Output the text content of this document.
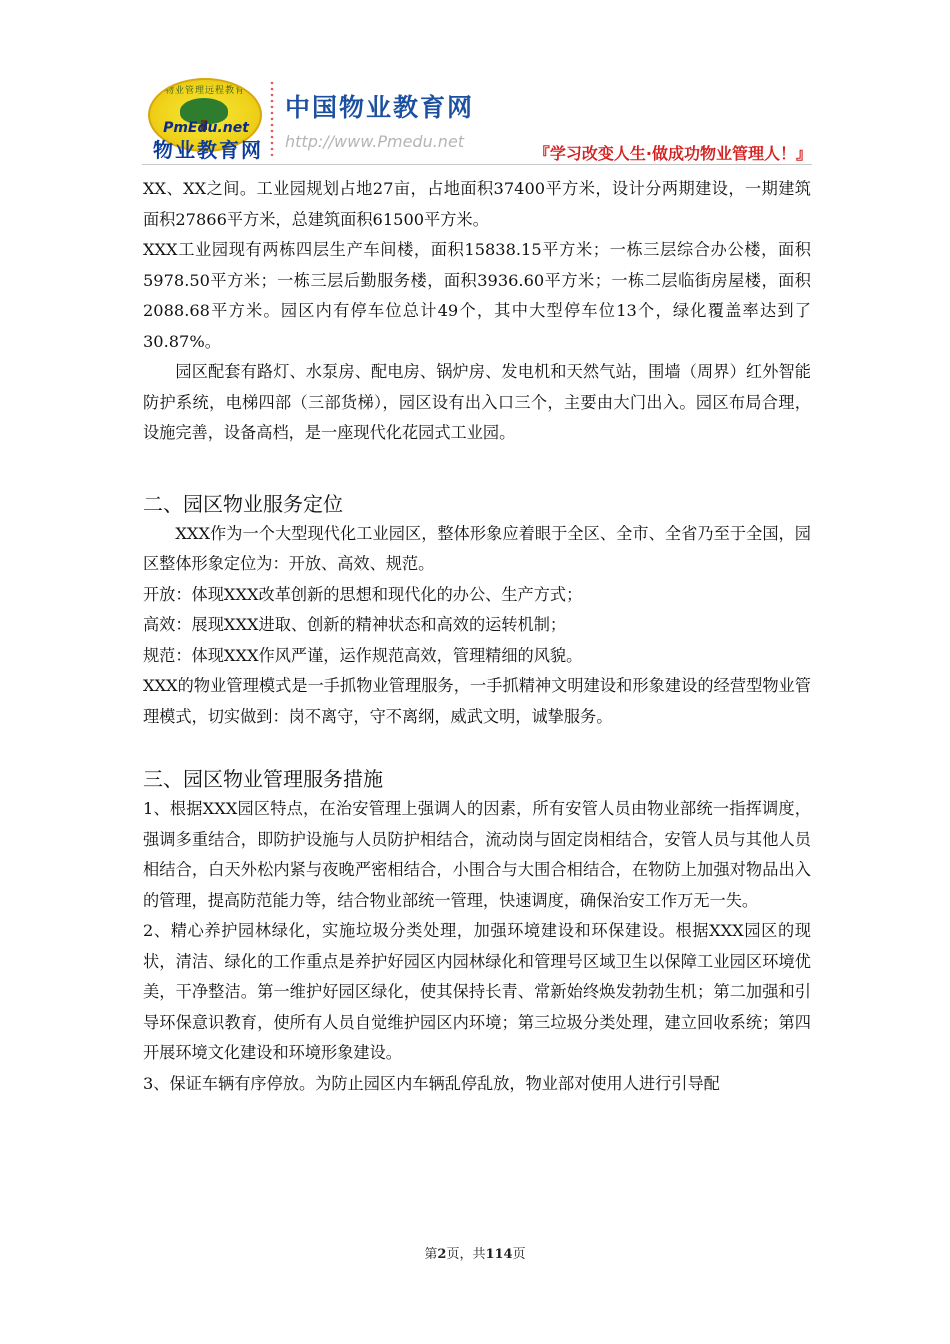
物业管理远程教育
PmEdu.net
物业教育网
中国物业教育网
http://www.Pmedu.net
『学习改变人生·做成功物业管理人！』

XX、XX之间。工业园规划占地27亩，占地面积37400平方米，设计分两期建设，一期建筑面积27866平方米，总建筑面积61500平方米。

XXX工业园现有两栋四层生产车间楼，面积15838.15平方米；一栋三层综合办公楼，面积5978.50平方米；一栋三层后勤服务楼，面积3936.60平方米；一栋二层临街房屋楼，面积2088.68平方米。园区内有停车位总计49个，其中大型停车位13个，绿化覆盖率达到了30.87%。

园区配套有路灯、水泵房、配电房、锅炉房、发电机和天然气站，围墙（周界）红外智能防护系统，电梯四部（三部货梯），园区设有出入口三个，主要由大门出入。园区布局合理，设施完善，设备高档，是一座现代化花园式工业园。

二、园区物业服务定位

XXX作为一个大型现代化工业园区，整体形象应着眼于全区、全市、全省乃至于全国，园区整体形象定位为：开放、高效、规范。

开放：体现XXX改革创新的思想和现代化的办公、生产方式；

高效：展现XXX进取、创新的精神状态和高效的运转机制；

规范：体现XXX作风严谨，运作规范高效，管理精细的风貌。

XXX的物业管理模式是一手抓物业管理服务，一手抓精神文明建设和形象建设的经营型物业管理模式，切实做到：岗不离守，守不离纲，威武文明，诚挚服务。

三、园区物业管理服务措施

1、根据XXX园区特点，在治安管理上强调人的因素，所有安管人员由物业部统一指挥调度，强调多重结合，即防护设施与人员防护相结合，流动岗与固定岗相结合，安管人员与其他人员相结合，白天外松内紧与夜晚严密相结合，小围合与大围合相结合，在物防上加强对物品出入的管理，提高防范能力等，结合物业部统一管理，快速调度，确保治安工作万无一失。

2、精心养护园林绿化，实施垃圾分类处理，加强环境建设和环保建设。根据XXX园区的现状，清洁、绿化的工作重点是养护好园区内园林绿化和管理号区域卫生以保障工业园区环境优美，干净整洁。第一维护好园区绿化，使其保持长青、常新始终焕发勃勃生机；第二加强和引导环保意识教育，使所有人员自觉维护园区内环境；第三垃圾分类处理，建立回收系统；第四开展环境文化建设和环境形象建设。

3、保证车辆有序停放。为防止园区内车辆乱停乱放，物业部对使用人进行引导配

第2页，共114页
